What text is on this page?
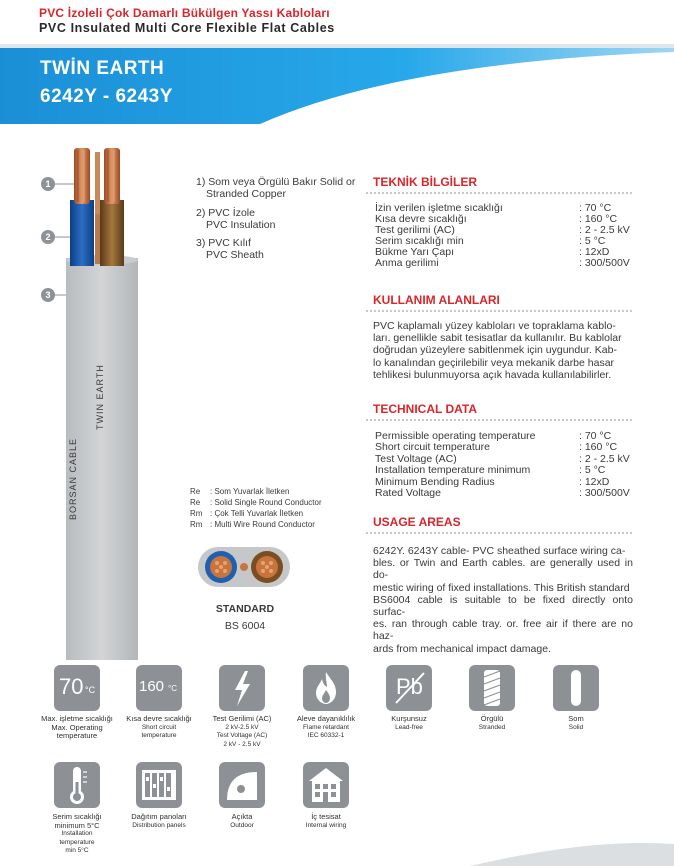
PVC İzoleli Çok Damarlı Bükülgen Yassı Kabloları
PVC Insulated Multi Core Flexible Flat Cables
TWİN EARTH
6242Y - 6243Y
1
2
3
BORSAN CABLE
TWIN EARTH
1) Som veya Örgülü Bakır Solid or
Stranded Copper
2) PVC İzole
PVC Insulation
3) PVC Kılıf
PVC Sheath
Re : Som Yuvarlak İletken
Re : Solid Single Round Conductor
Rm : Çok Telli Yuvarlak İletken
Rm : Multi Wire Round Conductor
STANDARD
BS 6004
TEKNİK BİLGİLER
İzin verilen işletme sıcaklığı	: 70 °C
Kısa devre sıcaklığı	: 160 °C
Test gerilimi (AC)	: 2 - 2.5 kV
Serim sıcaklığı min	: 5 °C
Bükme Yarı Çapı	: 12xD
Anma gerilimi	: 300/500V
KULLANIM ALANLARI
PVC kaplamalı yüzey kabloları ve topraklama kablo-
ları. genellikle sabit tesisatlar da kullanılır. Bu kablolar
doğrudan yüzeylere sabitlenmek için uygundur. Kab-
lo kanalından geçirilebilir veya mekanik darbe hasar
tehlikesi bulunmuyorsa açık havada kullanılabilirler.
TECHNICAL DATA
Permissible operating temperature	: 70 °C
Short circuit temperature	: 160 °C
Test Voltage (AC)	: 2 - 2.5 kV
Installation temperature minimum	: 5 °C
Minimum Bending Radius	: 12xD
Rated Voltage	: 300/500V
USAGE AREAS
6242Y. 6243Y cable- PVC sheathed surface wiring ca-
bles. or Twin and Earth cables. are generally used in do-
mestic wiring of fixed installations. This British standard
BS6004 cable is suitable to be fixed directly onto surfac-
es. ran through cable tray. or. free air if there are no haz-
ards from mechanical impact damage.
70 °C
Max. işletme sıcaklığı
Max. Operating
temperature
160 °C
Kısa devre sıcaklığı
Short circuit
temperature
Test Gerilimi (AC)
2 kV-2.5 kV
Test Voltage (AC)
2 kV - 2.5 kV
Aleve dayanıklılık
Flame retardant
IEC 60332-1
Pb
Kurşunsuz
Lead-free
Örgülü
Stranded
Som
Solid
Serim sıcaklığı
minimum 5°C
Installation
temperature
min 5°C
Dağıtım panoları
Distribution panels
Açıkta
Outdoor
İç tesisat
Internal wiring
